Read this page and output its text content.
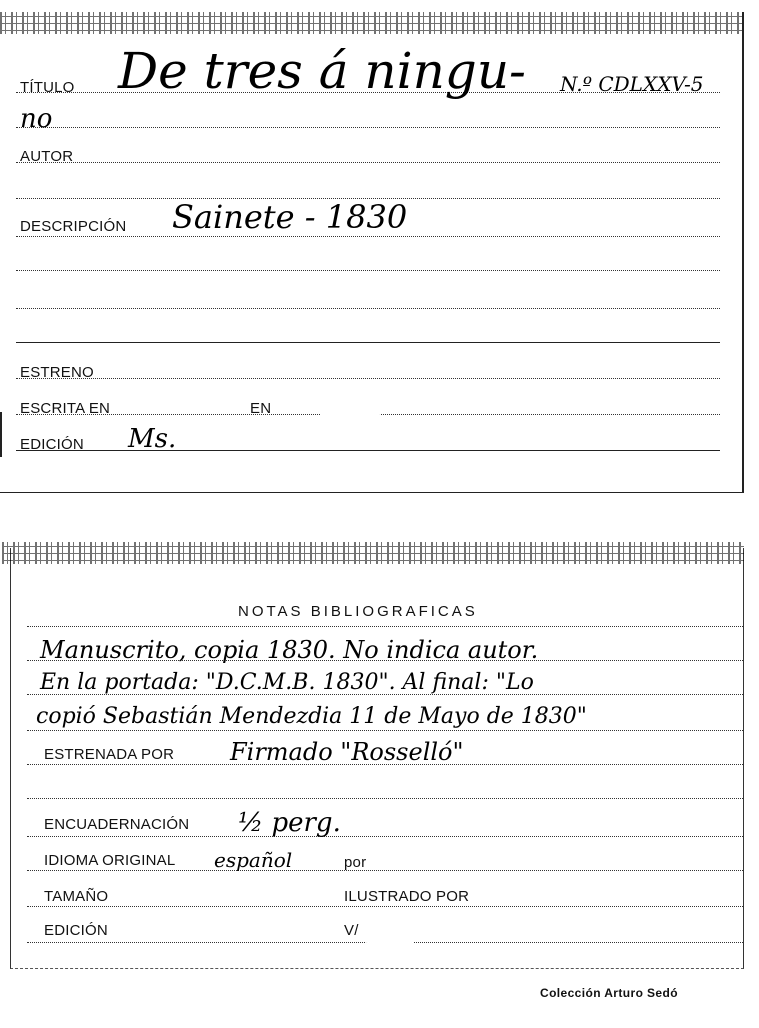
TÍTULO De tres á ningu- N.º CDLXXV-5
no
AUTOR
DESCRIPCIÓN Sainete - 1830
ESTRENO
ESCRITA EN	EN
EDICIÓN Ms.
NOTAS BIBLIOGRAFICAS
Manuscrito, copia 1830. No indica autor.
En la portada: "D.C.M.B. 1830". Al final: "Lo
copió Sebastián Mendezdia 11 de Mayo de 1830"
ESTRENADA POR Firmado "Rosselló"
ENCUADERNACIÓN ½ perg.
IDIOMA ORIGINAL español	por
TAMAÑO	ILUSTRADO POR
EDICIÓN	V/
Colección Arturo Sedó
